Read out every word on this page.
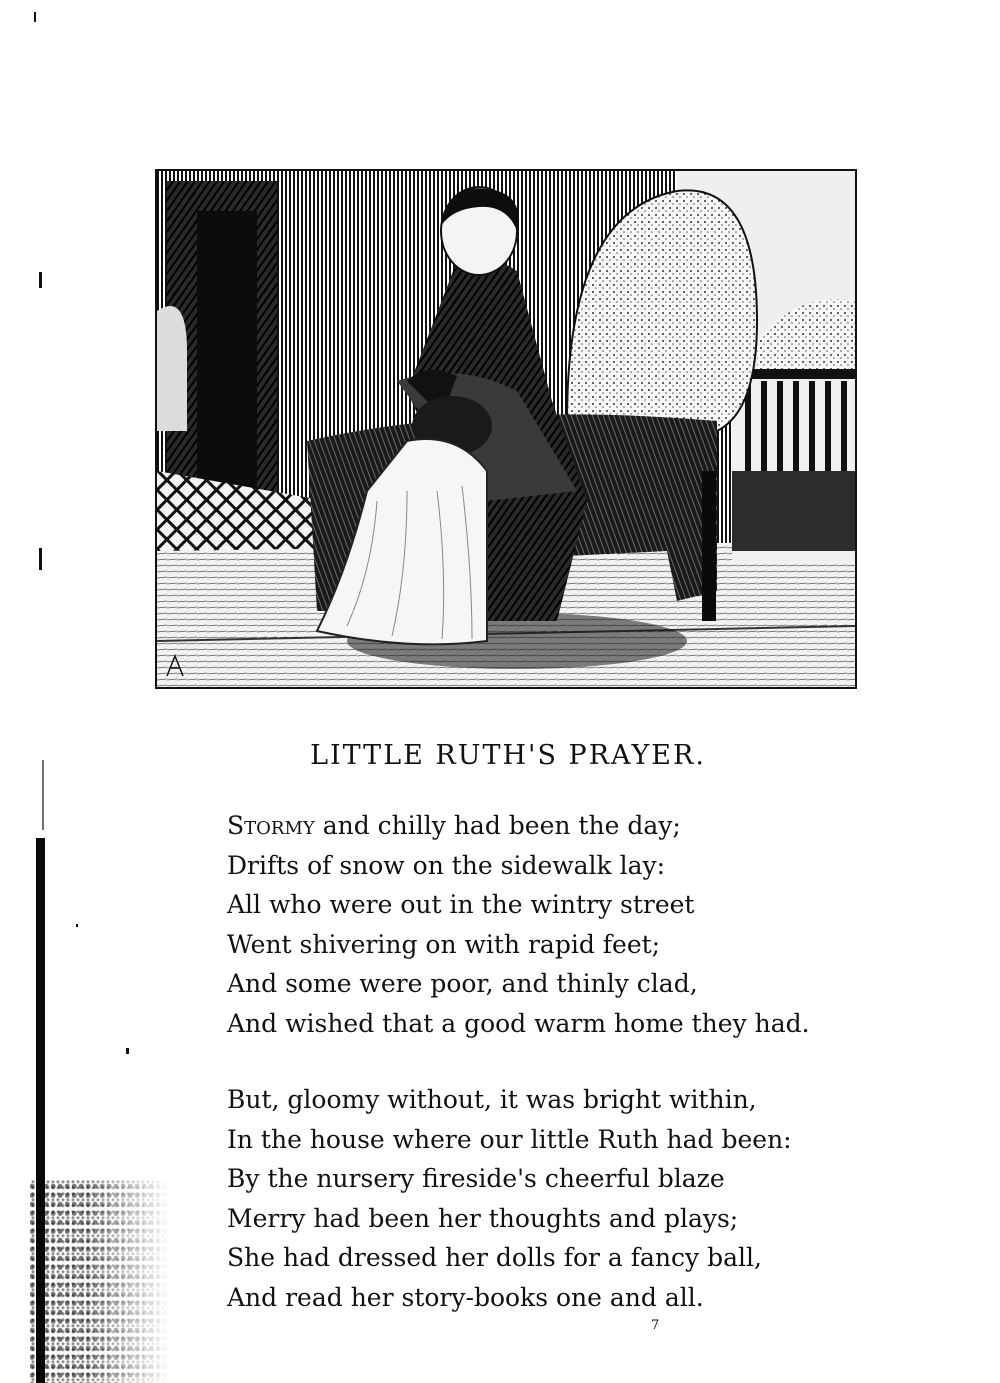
LITTLE RUTH'S PRAYER.
Stormy and chilly had been the day;
Drifts of snow on the sidewalk lay:
All who were out in the wintry street
Went shivering on with rapid feet;
And some were poor, and thinly clad,
And wished that a good warm home they had.
But, gloomy without, it was bright within,
In the house where our little Ruth had been:
By the nursery fireside's cheerful blaze
Merry had been her thoughts and plays;
She had dressed her dolls for a fancy ball,
And read her story-books one and all.
7
